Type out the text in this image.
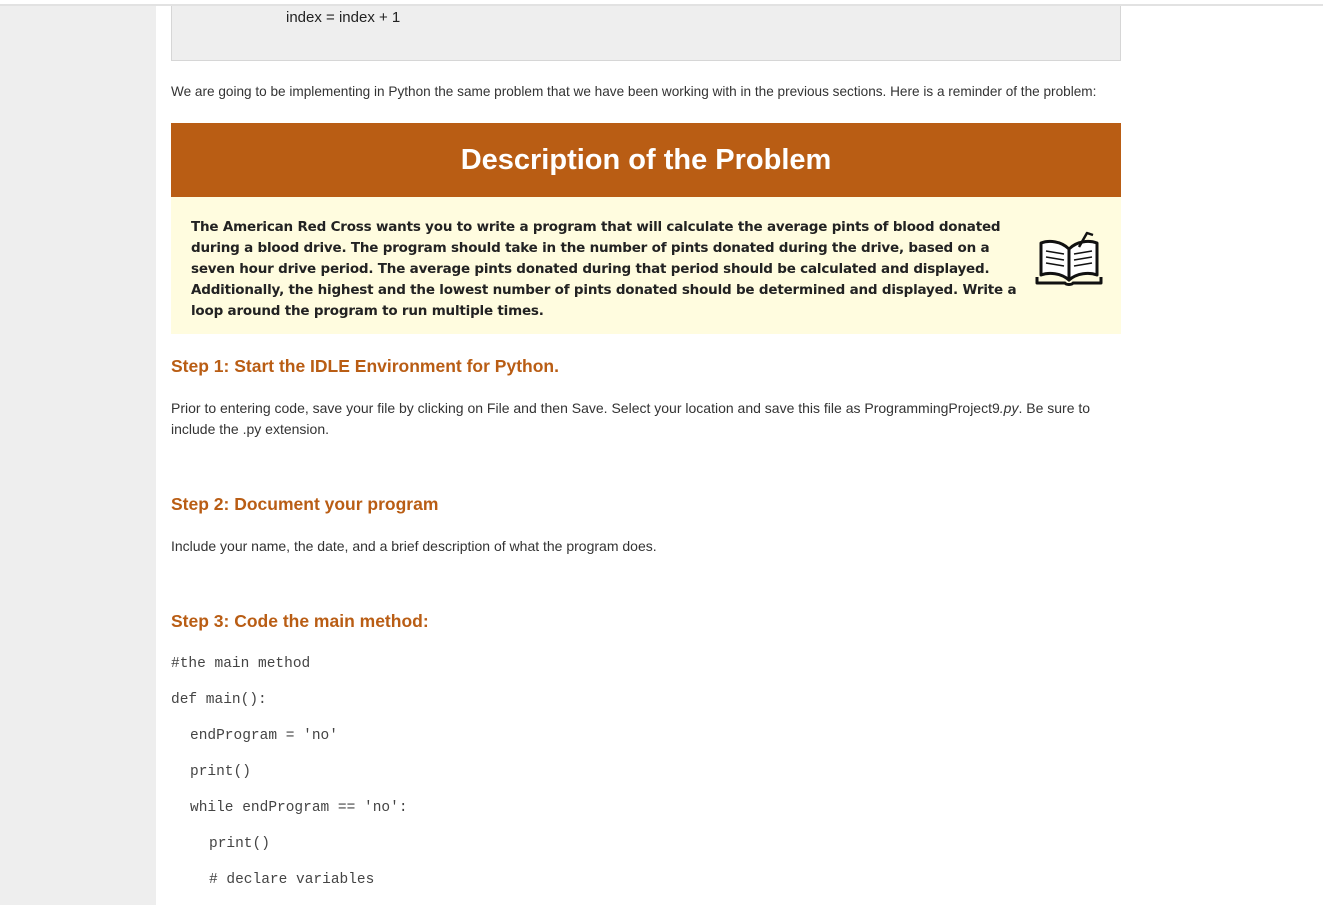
index = index + 1
We are going to be implementing in Python the same problem that we have been working with in the previous sections. Here is a reminder of the problem:
Description of the Problem
The American Red Cross wants you to write a program that will calculate the average pints of blood donated during a blood drive. The program should take in the number of pints donated during the drive, based on a seven hour drive period. The average pints donated during that period should be calculated and displayed. Additionally, the highest and the lowest number of pints donated should be determined and displayed. Write a loop around the program to run multiple times.
Step 1: Start the IDLE Environment for Python.
Prior to entering code, save your file by clicking on File and then Save. Select your location and save this file as ProgrammingProject9.py. Be sure to include the .py extension.
Step 2: Document your program
Include your name, the date, and a brief description of what the program does.
Step 3: Code the main method:
#the main method
def main():
endProgram = 'no'
print()
while endProgram == 'no':
print()
# declare variables
